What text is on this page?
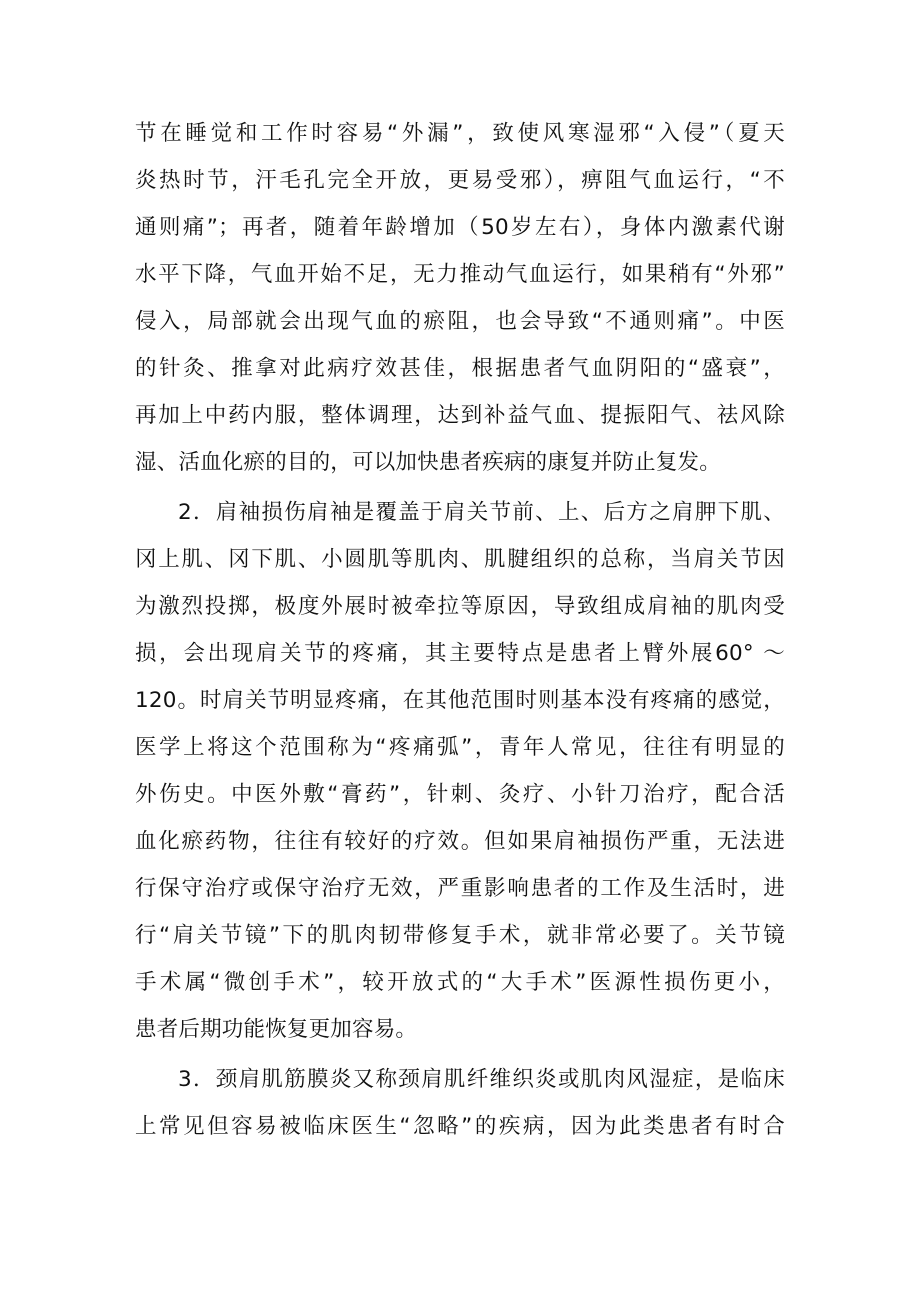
节在睡觉和工作时容易“外漏”，致使风寒湿邪“入侵”（夏天
炎热时节，汗毛孔完全开放，更易受邪），痹阻气血运行，“不
通则痛”；再者，随着年龄增加（50岁左右），身体内激素代谢
水平下降，气血开始不足，无力推动气血运行，如果稍有“外邪”
侵入，局部就会出现气血的瘀阻，也会导致“不通则痛”。中医
的针灸、推拿对此病疗效甚佳，根据患者气血阴阳的“盛衰”，
再加上中药内服，整体调理，达到补益气血、提振阳气、祛风除
湿、活血化瘀的目的，可以加快患者疾病的康复并防止复发。
2．肩袖损伤肩袖是覆盖于肩关节前、上、后方之肩胛下肌、
冈上肌、冈下肌、小圆肌等肌肉、肌腱组织的总称，当肩关节因
为激烈投掷，极度外展时被牵拉等原因，导致组成肩袖的肌肉受
损，会出现肩关节的疼痛，其主要特点是患者上臂外展60° ～
120。时肩关节明显疼痛，在其他范围时则基本没有疼痛的感觉，
医学上将这个范围称为“疼痛弧”，青年人常见，往往有明显的
外伤史。中医外敷“膏药”，针刺、灸疗、小针刀治疗，配合活
血化瘀药物，往往有较好的疗效。但如果肩袖损伤严重，无法进
行保守治疗或保守治疗无效，严重影响患者的工作及生活时，进
行“肩关节镜”下的肌肉韧带修复手术，就非常必要了。关节镜
手术属“微创手术”，较开放式的“大手术”医源性损伤更小，
患者后期功能恢复更加容易。
3．颈肩肌筋膜炎又称颈肩肌纤维织炎或肌肉风湿症，是临床
上常见但容易被临床医生“忽略”的疾病，因为此类患者有时合
